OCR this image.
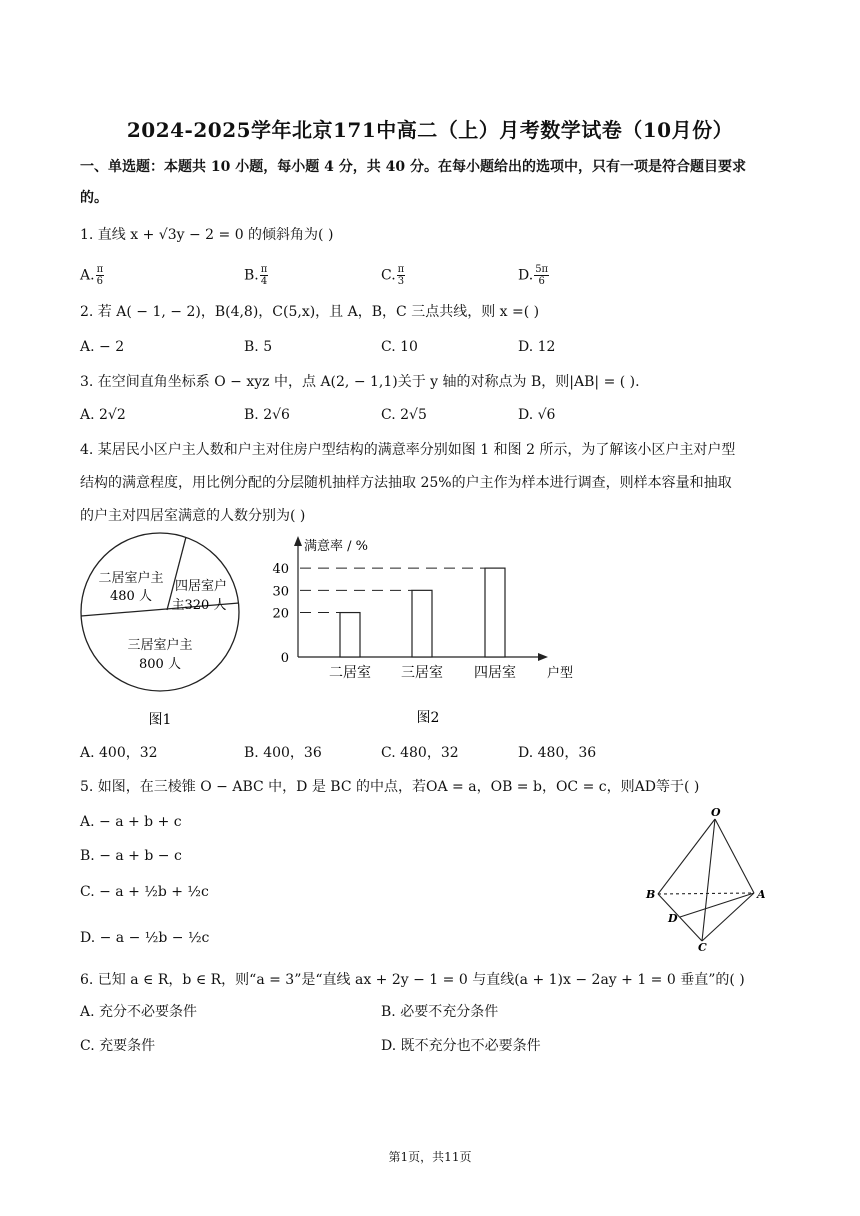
2024-2025学年北京171中高二（上）月考数学试卷（10月份）
一、单选题：本题共 10 小题，每小题 4 分，共 40 分。在每小题给出的选项中，只有一项是符合题目要求
的。
1. 直线 x + √3y − 2 = 0 的倾斜角为( )
A. $\frac{\pi}{6}$	B. $\frac{\pi}{4}$	C. $\frac{\pi}{3}$	D. $\frac{5\pi}{6}$
2. 若 A( − 1, − 2)，B(4,8)，C(5,x)，且 A，B，C 三点共线，则 x =( )
A. − 2	B. 5	C. 10	D. 12
3. 在空间直角坐标系 O − xyz 中，点 A(2, − 1,1)关于 y 轴的对称点为 B，则|AB| = ( ).
A. 2√2	B. 2√6	C. 2√5	D. √6
4. 某居民小区户主人数和户主对住房户型结构的满意率分别如图 1 和图 2 所示，为了解该小区户主对户型
结构的满意程度，用比例分配的分层随机抽样方法抽取 25%的户主作为样本进行调查，则样本容量和抽取
的户主对四居室满意的人数分别为( )
二居室户主
480 人
四居室户
主320 人
三居室户主
800 人
图1
满意率 / %
户型
图2
0
20
30
40
二居室 三居室 四居室
A. 400，32	B. 400，36	C. 480，32	D. 480，36
5. 如图，在三棱锥 O − ABC 中，D 是 BC 的中点，若OA = a，OB = b，OC = c，则AD等于( )
A. − a + b + c
B. − a + b − c
C. − a + ½b + ½c
D. − a − ½b − ½c
O
B	A
D
C
6. 已知 a ∈ R，b ∈ R，则“a = 3”是“直线 ax + 2y − 1 = 0 与直线(a + 1)x − 2ay + 1 = 0 垂直”的( )
A. 充分不必要条件	B. 必要不充分条件
C. 充要条件	D. 既不充分也不必要条件
第1页，共11页
